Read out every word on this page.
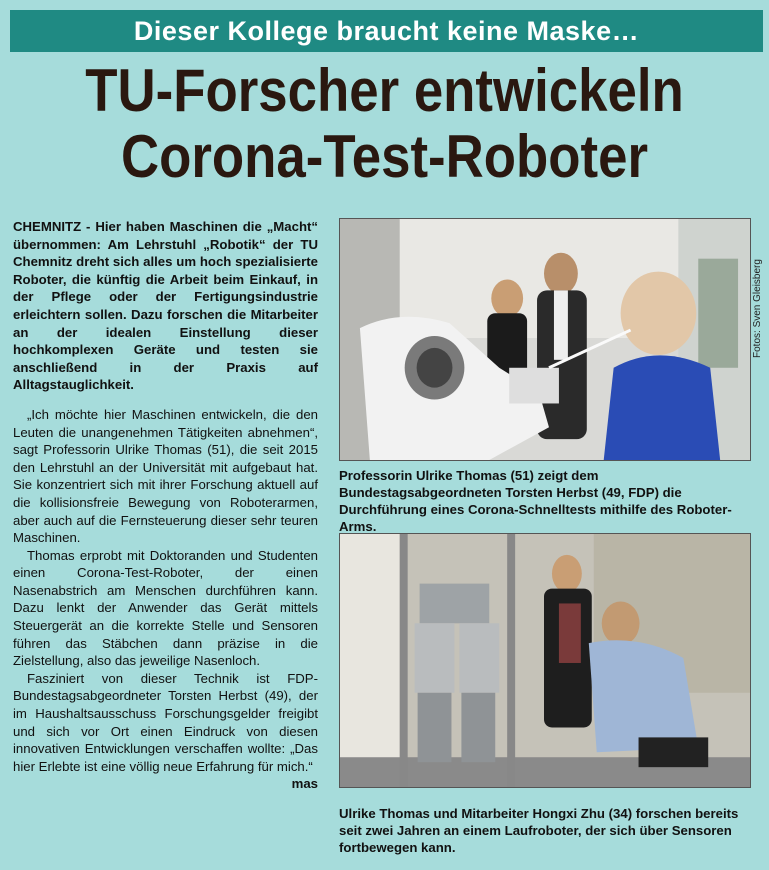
Dieser Kollege braucht keine Maske…
TU-Forscher entwickeln
Corona-Test-Roboter

CHEMNITZ - Hier haben Maschinen die „Macht“ übernommen: Am Lehrstuhl „Robotik“ der TU Chemnitz dreht sich alles um hoch spezialisierte Roboter, die künftig die Arbeit beim Einkauf, in der Pflege oder der Fertigungsindustrie erleichtern sollen. Dazu forschen die Mitarbeiter an der idealen Einstellung dieser hochkomplexen Geräte und testen sie anschließend in der Praxis auf Alltagstauglichkeit.

„Ich möchte hier Maschinen entwickeln, die den Leuten die unangenehmen Tätigkeiten abnehmen“, sagt Professorin Ulrike Thomas (51), die seit 2015 den Lehrstuhl an der Universität mit aufgebaut hat. Sie konzentriert sich mit ihrer Forschung aktuell auf die kollisionsfreie Bewegung von Roboterarmen, aber auch auf die Fernsteuerung dieser sehr teuren Maschinen.

Thomas erprobt mit Doktoranden und Studenten einen Corona-Test-Roboter, der einen Nasenabstrich am Menschen durchführen kann. Dazu lenkt der Anwender das Gerät mittels Steuergerät an die korrekte Stelle und Sensoren führen das Stäbchen dann präzise in die Zielstellung, also das jeweilige Nasenloch.

Fasziniert von dieser Technik ist FDP-Bundestagsabgeordneter Torsten Herbst (49), der im Haushaltsausschuss Forschungsgelder freigibt und sich vor Ort einen Eindruck von diesen innovativen Entwicklungen verschaffen wollte: „Das hier Erlebte ist eine völlig neue Erfahrung für mich.“
mas

Fotos: Sven Gleisberg
Professorin Ulrike Thomas (51) zeigt dem Bundestagsabgeordneten Torsten Herbst (49, FDP) die Durchführung eines Corona-Schnelltests mithilfe des Roboter-Arms.
Ulrike Thomas und Mitarbeiter Hongxi Zhu (34) forschen bereits seit zwei Jahren an einem Laufroboter, der sich über Sensoren fortbewegen kann.
